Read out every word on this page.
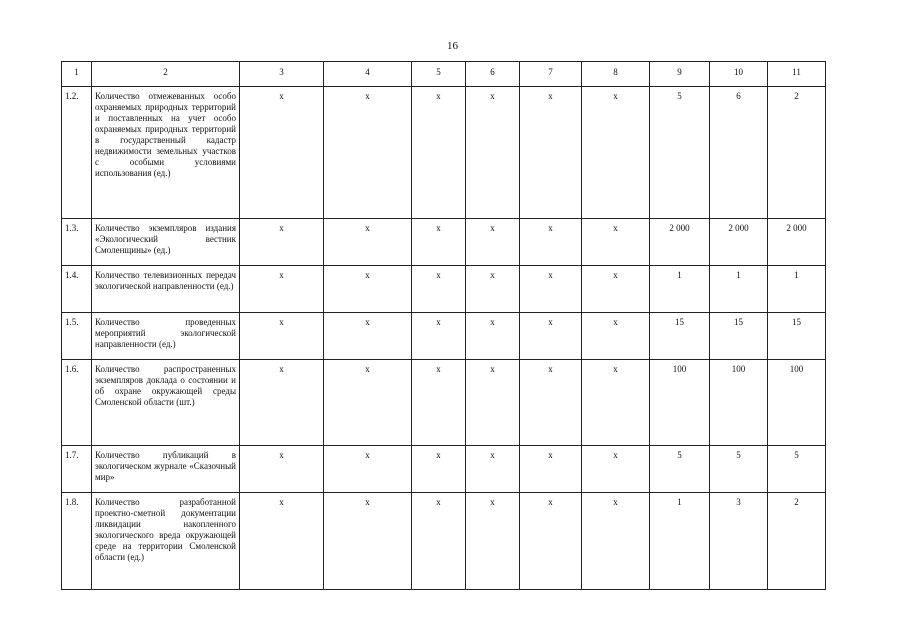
16
1	2	3	4	5	6	7	8	9	10	11
1.2.	Количество отмежеванных особо охраняемых природных территорий и поставленных на учет особо охраняемых природных территорий в государственный кадастр недвижимости земельных участков с особыми условиями использования (ед.)	x	x	x	x	x	x	5	6	2
1.3.	Количество экземпляров издания «Экологический вестник Смоленщины» (ед.)	x	x	x	x	x	x	2 000	2 000	2 000
1.4.	Количество телевизионных передач экологической направленности (ед.)	x	x	x	x	x	x	1	1	1
1.5.	Количество проведенных мероприятий экологической направленности (ед.)	x	x	x	x	x	x	15	15	15
1.6.	Количество распространенных экземпляров доклада о состоянии и об охране окружающей среды Смоленской области (шт.)	x	x	x	x	x	x	100	100	100
1.7.	Количество публикаций в экологическом журнале «Сказочный мир»	x	x	x	x	x	x	5	5	5
1.8.	Количество разработанной проектно-сметной документации ликвидации накопленного экологического вреда окружающей среде на территории Смоленской области (ед.)	x	x	x	x	x	x	1	3	2
